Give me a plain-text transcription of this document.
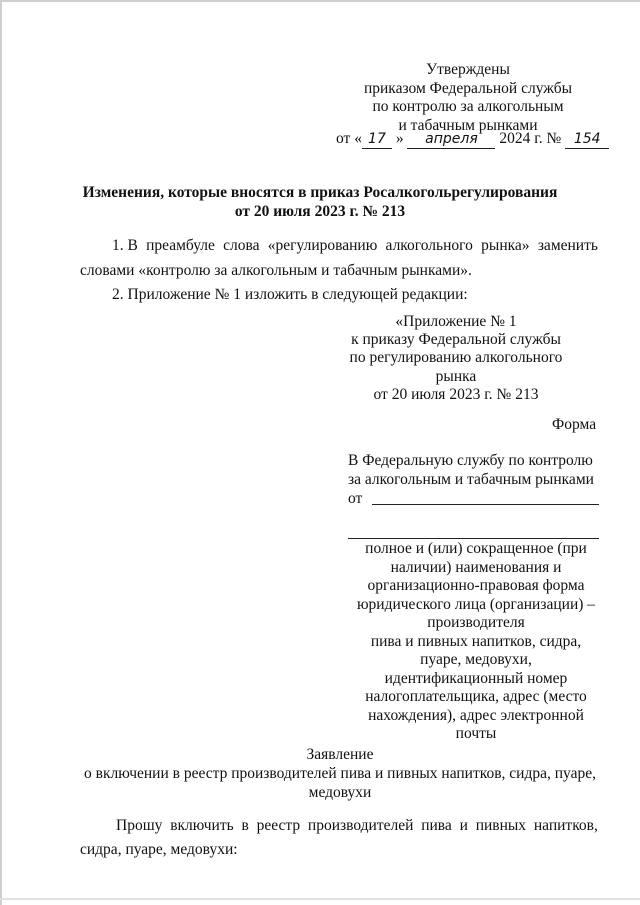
Утверждены
приказом Федеральной службы
по контролю за алкогольным
и табачным рынками
от « 17 » апреля 2024 г. № 154
Изменения, которые вносятся в приказ Росалкогольрегулирования
от 20 июля 2023 г. № 213
1. В преамбуле слова «регулированию алкогольного рынка» заменить
словами «контролю за алкогольным и табачным рынками».
2. Приложение № 1 изложить в следующей редакции:
«Приложение № 1
к приказу Федеральной службы
по регулированию алкогольного
рынка
от 20 июля 2023 г. № 213
Форма
В Федеральную службу по контролю
за алкогольным и табачным рынками
от
полное и (или) сокращенное (при
наличии) наименования и
организационно-правовая форма
юридического лица (организации) –
производителя
пива и пивных напитков, сидра,
пуаре, медовухи,
идентификационный номер
налогоплательщика, адрес (место
нахождения), адрес электронной
почты
Заявление
о включении в реестр производителей пива и пивных напитков, сидра, пуаре,
медовухи
Прошу включить в реестр производителей пива и пивных напитков,
сидра, пуаре, медовухи:
